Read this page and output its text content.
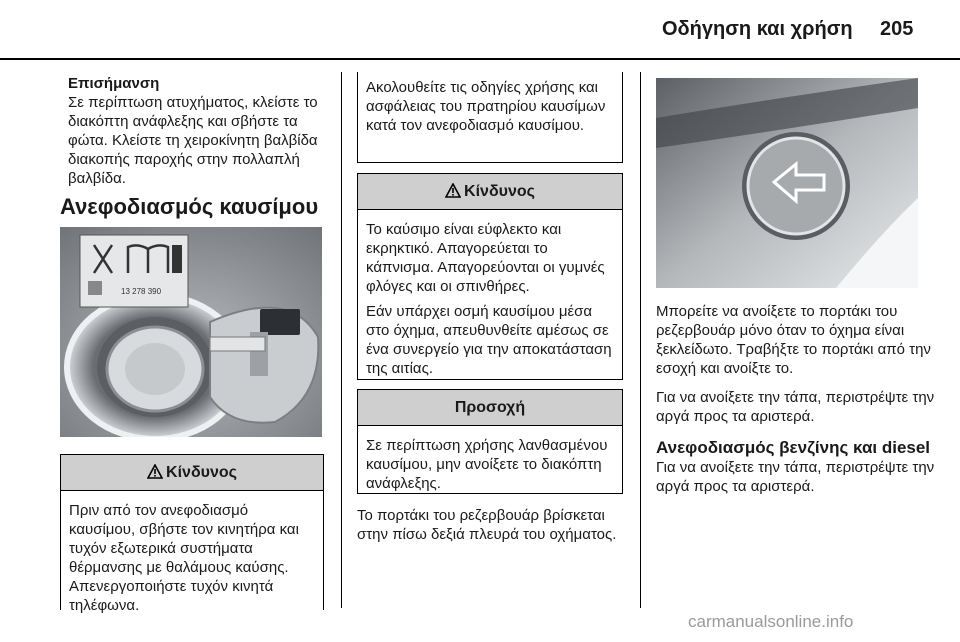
Οδήγηση και χρήση 205

Επισήμανση

Σε περίπτωση ατυχήματος, κλείστε το διακόπτη ανάφλεξης και σβήστε τα φώτα. Κλείστε τη χειροκίνητη βαλβίδα διακοπής παροχής στην πολλαπλή βαλβίδα.

Ανεφοδιασμός καυσίμου
13 278 390
Κίνδυνος

Πριν από τον ανεφοδιασμό καυσίμου, σβήστε τον κινητήρα και τυχόν εξωτερικά συστήματα θέρμανσης με θαλάμους καύσης. Απενεργοποιήστε τυχόν κινητά τηλέφωνα.

Ακολουθείτε τις οδηγίες χρήσης και ασφάλειας του πρατηρίου καυσίμων κατά τον ανεφοδιασμό καυσίμου.

Κίνδυνος

Το καύσιμο είναι εύφλεκτο και εκρηκτικό. Απαγορεύεται το κάπνισμα. Απαγορεύονται οι γυμνές φλόγες και οι σπινθήρες.

Εάν υπάρχει οσμή καυσίμου μέσα στο όχημα, απευθυνθείτε αμέσως σε ένα συνεργείο για την αποκατάσταση της αιτίας.

Προσοχή

Σε περίπτωση χρήσης λανθασμένου καυσίμου, μην ανοίξετε το διακόπτη ανάφλεξης.

Το πορτάκι του ρεζερβουάρ βρίσκεται στην πίσω δεξιά πλευρά του οχήματος.

Μπορείτε να ανοίξετε το πορτάκι του ρεζερβουάρ μόνο όταν το όχημα είναι ξεκλείδωτο. Τραβήξτε το πορτάκι από την εσοχή και ανοίξτε το.

Για να ανοίξετε την τάπα, περιστρέψτε την αργά προς τα αριστερά.

Ανεφοδιασμός βενζίνης και diesel

Για να ανοίξετε την τάπα, περιστρέψτε την αργά προς τα αριστερά.

carmanualsonline.info
